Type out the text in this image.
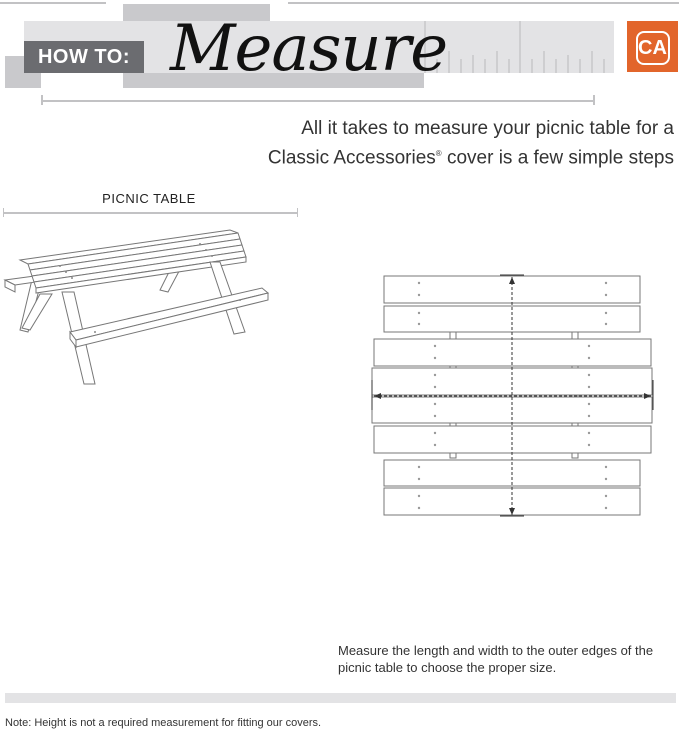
HOW TO: Measure	CA
All it takes to measure your picnic table for a
Classic Accessories® cover is a few simple steps
PICNIC TABLE
Measure the length and width to the outer edges of the picnic table to choose the proper size.
Note: Height is not a required measurement for fitting our covers.
